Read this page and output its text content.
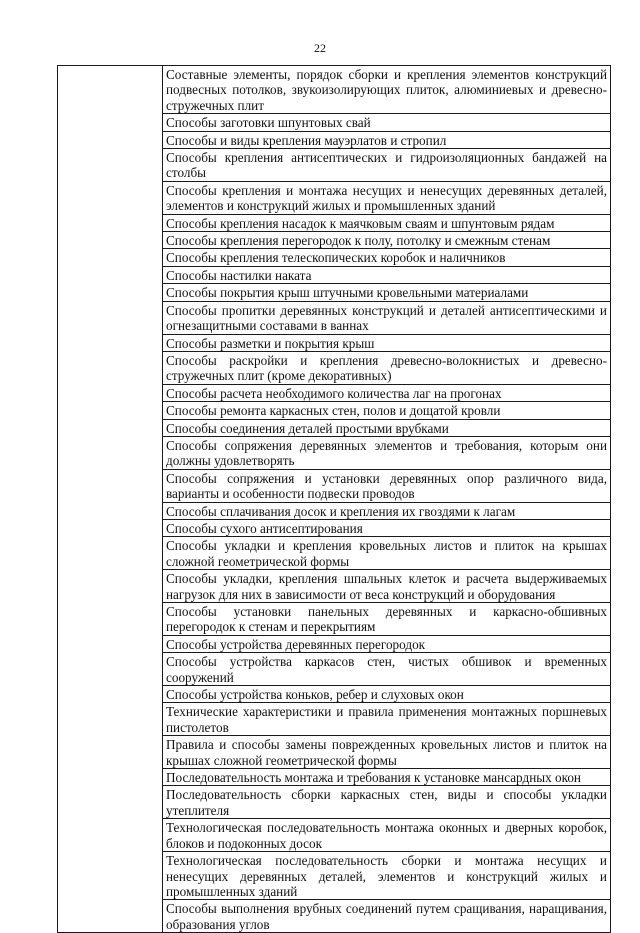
22
	Составные элементы, порядок сборки и крепления элементов конструкций подвесных потолков, звукоизолирующих плиток, алюминиевых и древесно-стружечных плит
Способы заготовки шпунтовых свай
Способы и виды крепления мауэрлатов и стропил
Способы крепления антисептических и гидроизоляционных бандажей на столбы
Способы крепления и монтажа несущих и ненесущих деревянных деталей, элементов и конструкций жилых и промышленных зданий
Способы крепления насадок к маячковым сваям и шпунтовым рядам
Способы крепления перегородок к полу, потолку и смежным стенам
Способы крепления телескопических коробок и наличников
Способы настилки наката
Способы покрытия крыш штучными кровельными материалами
Способы пропитки деревянных конструкций и деталей антисептическими и огнезащитными составами в ваннах
Способы разметки и покрытия крыш
Способы раскройки и крепления древесно-волокнистых и древесно-стружечных плит (кроме декоративных)
Способы расчета необходимого количества лаг на прогонах
Способы ремонта каркасных стен, полов и дощатой кровли
Способы соединения деталей простыми врубками
Способы сопряжения деревянных элементов и требования, которым они должны удовлетворять
Способы сопряжения и установки деревянных опор различного вида, варианты и особенности подвески проводов
Способы сплачивания досок и крепления их гвоздями к лагам
Способы сухого антисептирования
Способы укладки и крепления кровельных листов и плиток на крышах сложной геометрической формы
Способы укладки, крепления шпальных клеток и расчета выдерживаемых нагрузок для них в зависимости от веса конструкций и оборудования
Способы установки панельных деревянных и каркасно-обшивных перегородок к стенам и перекрытиям
Способы устройства деревянных перегородок
Способы устройства каркасов стен, чистых обшивок и временных сооружений
Способы устройства коньков, ребер и слуховых окон
Технические характеристики и правила применения монтажных поршневых пистолетов
Правила и способы замены поврежденных кровельных листов и плиток на крышах сложной геометрической формы
Последовательность монтажа и требования к установке мансардных окон
Последовательность сборки каркасных стен, виды и способы укладки утеплителя
Технологическая последовательность монтажа оконных и дверных коробок, блоков и подоконных досок
Технологическая последовательность сборки и монтажа несущих и ненесущих деревянных деталей, элементов и конструкций жилых и промышленных зданий
Способы выполнения врубных соединений путем сращивания, наращивания, образования углов
